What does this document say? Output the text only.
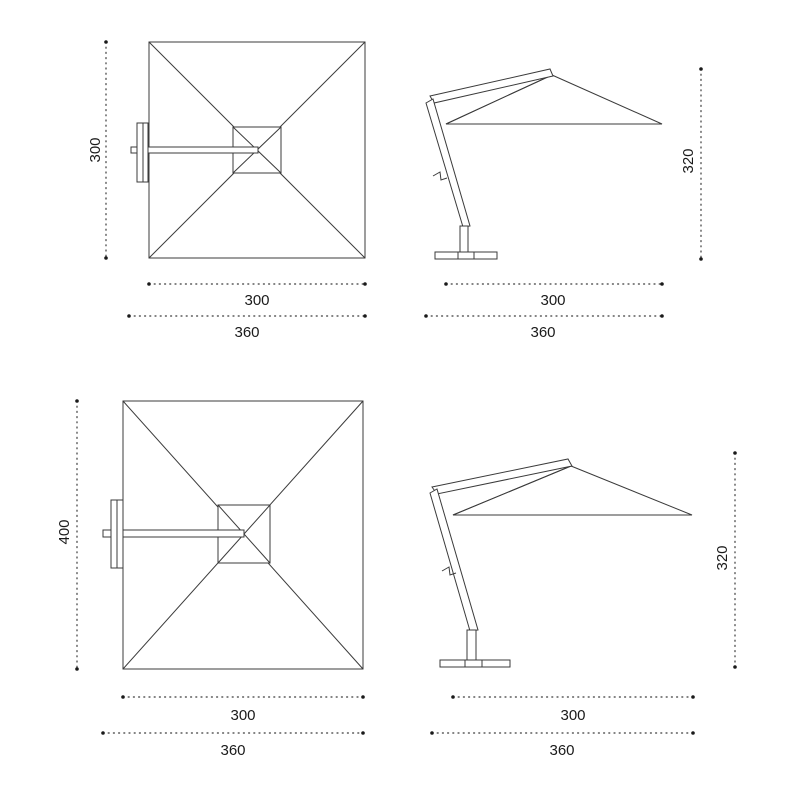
300
300
360
320
300
360
400
300
360
320
300
360
